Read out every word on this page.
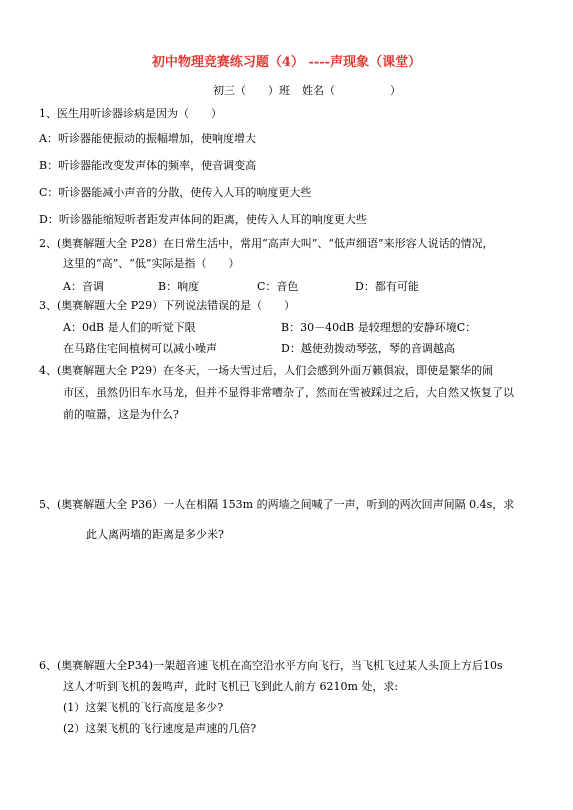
初中物理竞赛练习题（4） ----声现象（课堂）
初三（　　）班 姓名（　　　　　）
1、医生用听诊器诊病是因为（　　）
A：听诊器能使振动的振幅增加，使响度增大
B：听诊器能改变发声体的频率，使音调变高
C：听诊器能减小声音的分散，使传入人耳的响度更大些
D：听诊器能缩短听者距发声体间的距离，使传入人耳的响度更大些
2、(奥赛解题大全 P28）在日常生活中，常用“高声大叫”、“低声细语”来形容人说话的情况，
这里的“高”、“低”实际是指（　　）
A：音调	B：响度	C：音色	D：都有可能
3、(奥赛解题大全 P29）下列说法错误的是（　　）
A：0dB 是人们的听觉下限	B：30－40dB 是较理想的安静环境C：
在马路住宅间植树可以减小噪声	D：越使劲拨动琴弦，琴的音调越高
4、(奥赛解题大全 P29）在冬天，一场大雪过后，人们会感到外面万籁俱寂，即使是繁华的闹
市区，虽然仍旧车水马龙，但并不显得非常嘈杂了，然而在雪被踩过之后，大自然又恢复了以
前的喧嚣，这是为什么?
5、(奥赛解题大全 P36）一人在相隔 153m 的两墙之间喊了一声，听到的两次回声间隔 0.4s，求
此人离两墙的距离是多少米?
6、(奥赛解题大全P34)一架超音速飞机在高空沿水平方向飞行，当飞机飞过某人头顶上方后10s
这人才听到飞机的轰鸣声，此时飞机已飞到此人前方 6210m 处，求:
(1）这架飞机的飞行高度是多少?
(2）这架飞机的飞行速度是声速的几倍?
